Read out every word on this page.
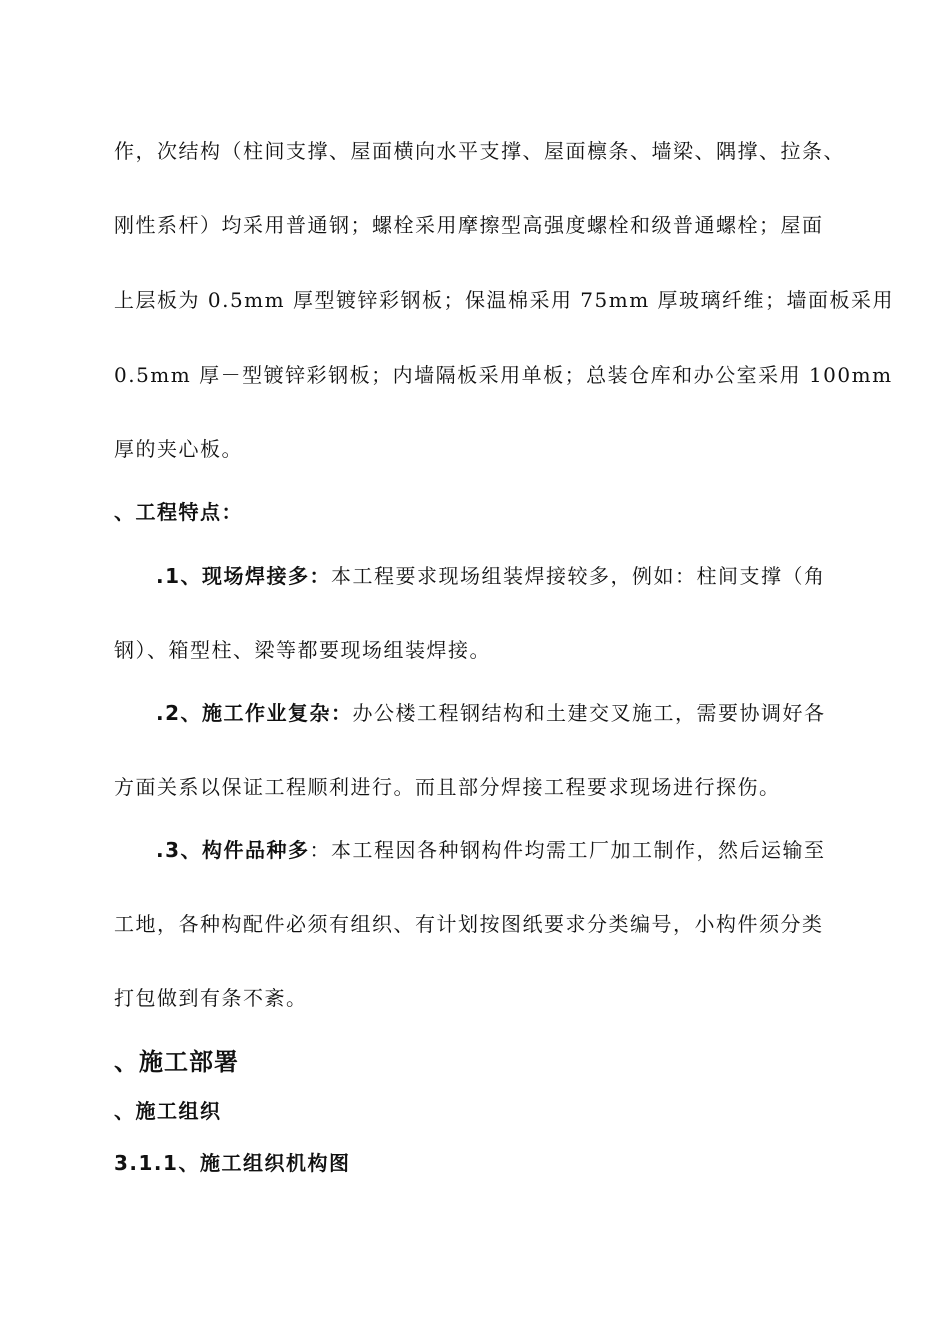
作，次结构（柱间支撑、屋面横向水平支撑、屋面檩条、墙梁、隅撑、拉条、
刚性系杆）均采用普通钢；螺栓采用摩擦型高强度螺栓和级普通螺栓；屋面
上层板为 0.5mm 厚型镀锌彩钢板；保温棉采用 75mm 厚玻璃纤维；墙面板采用
0.5mm 厚－型镀锌彩钢板；内墙隔板采用单板；总装仓库和办公室采用 100mm
厚的夹心板。
、工程特点：
.1、现场焊接多：本工程要求现场组装焊接较多，例如：柱间支撑（角
钢）、箱型柱、梁等都要现场组装焊接。
.2、施工作业复杂：办公楼工程钢结构和土建交叉施工，需要协调好各
方面关系以保证工程顺利进行。而且部分焊接工程要求现场进行探伤。
.3、构件品种多：本工程因各种钢构件均需工厂加工制作，然后运输至
工地，各种构配件必须有组织、有计划按图纸要求分类编号，小构件须分类
打包做到有条不紊。
、施工部署
、施工组织
3.1.1、施工组织机构图
